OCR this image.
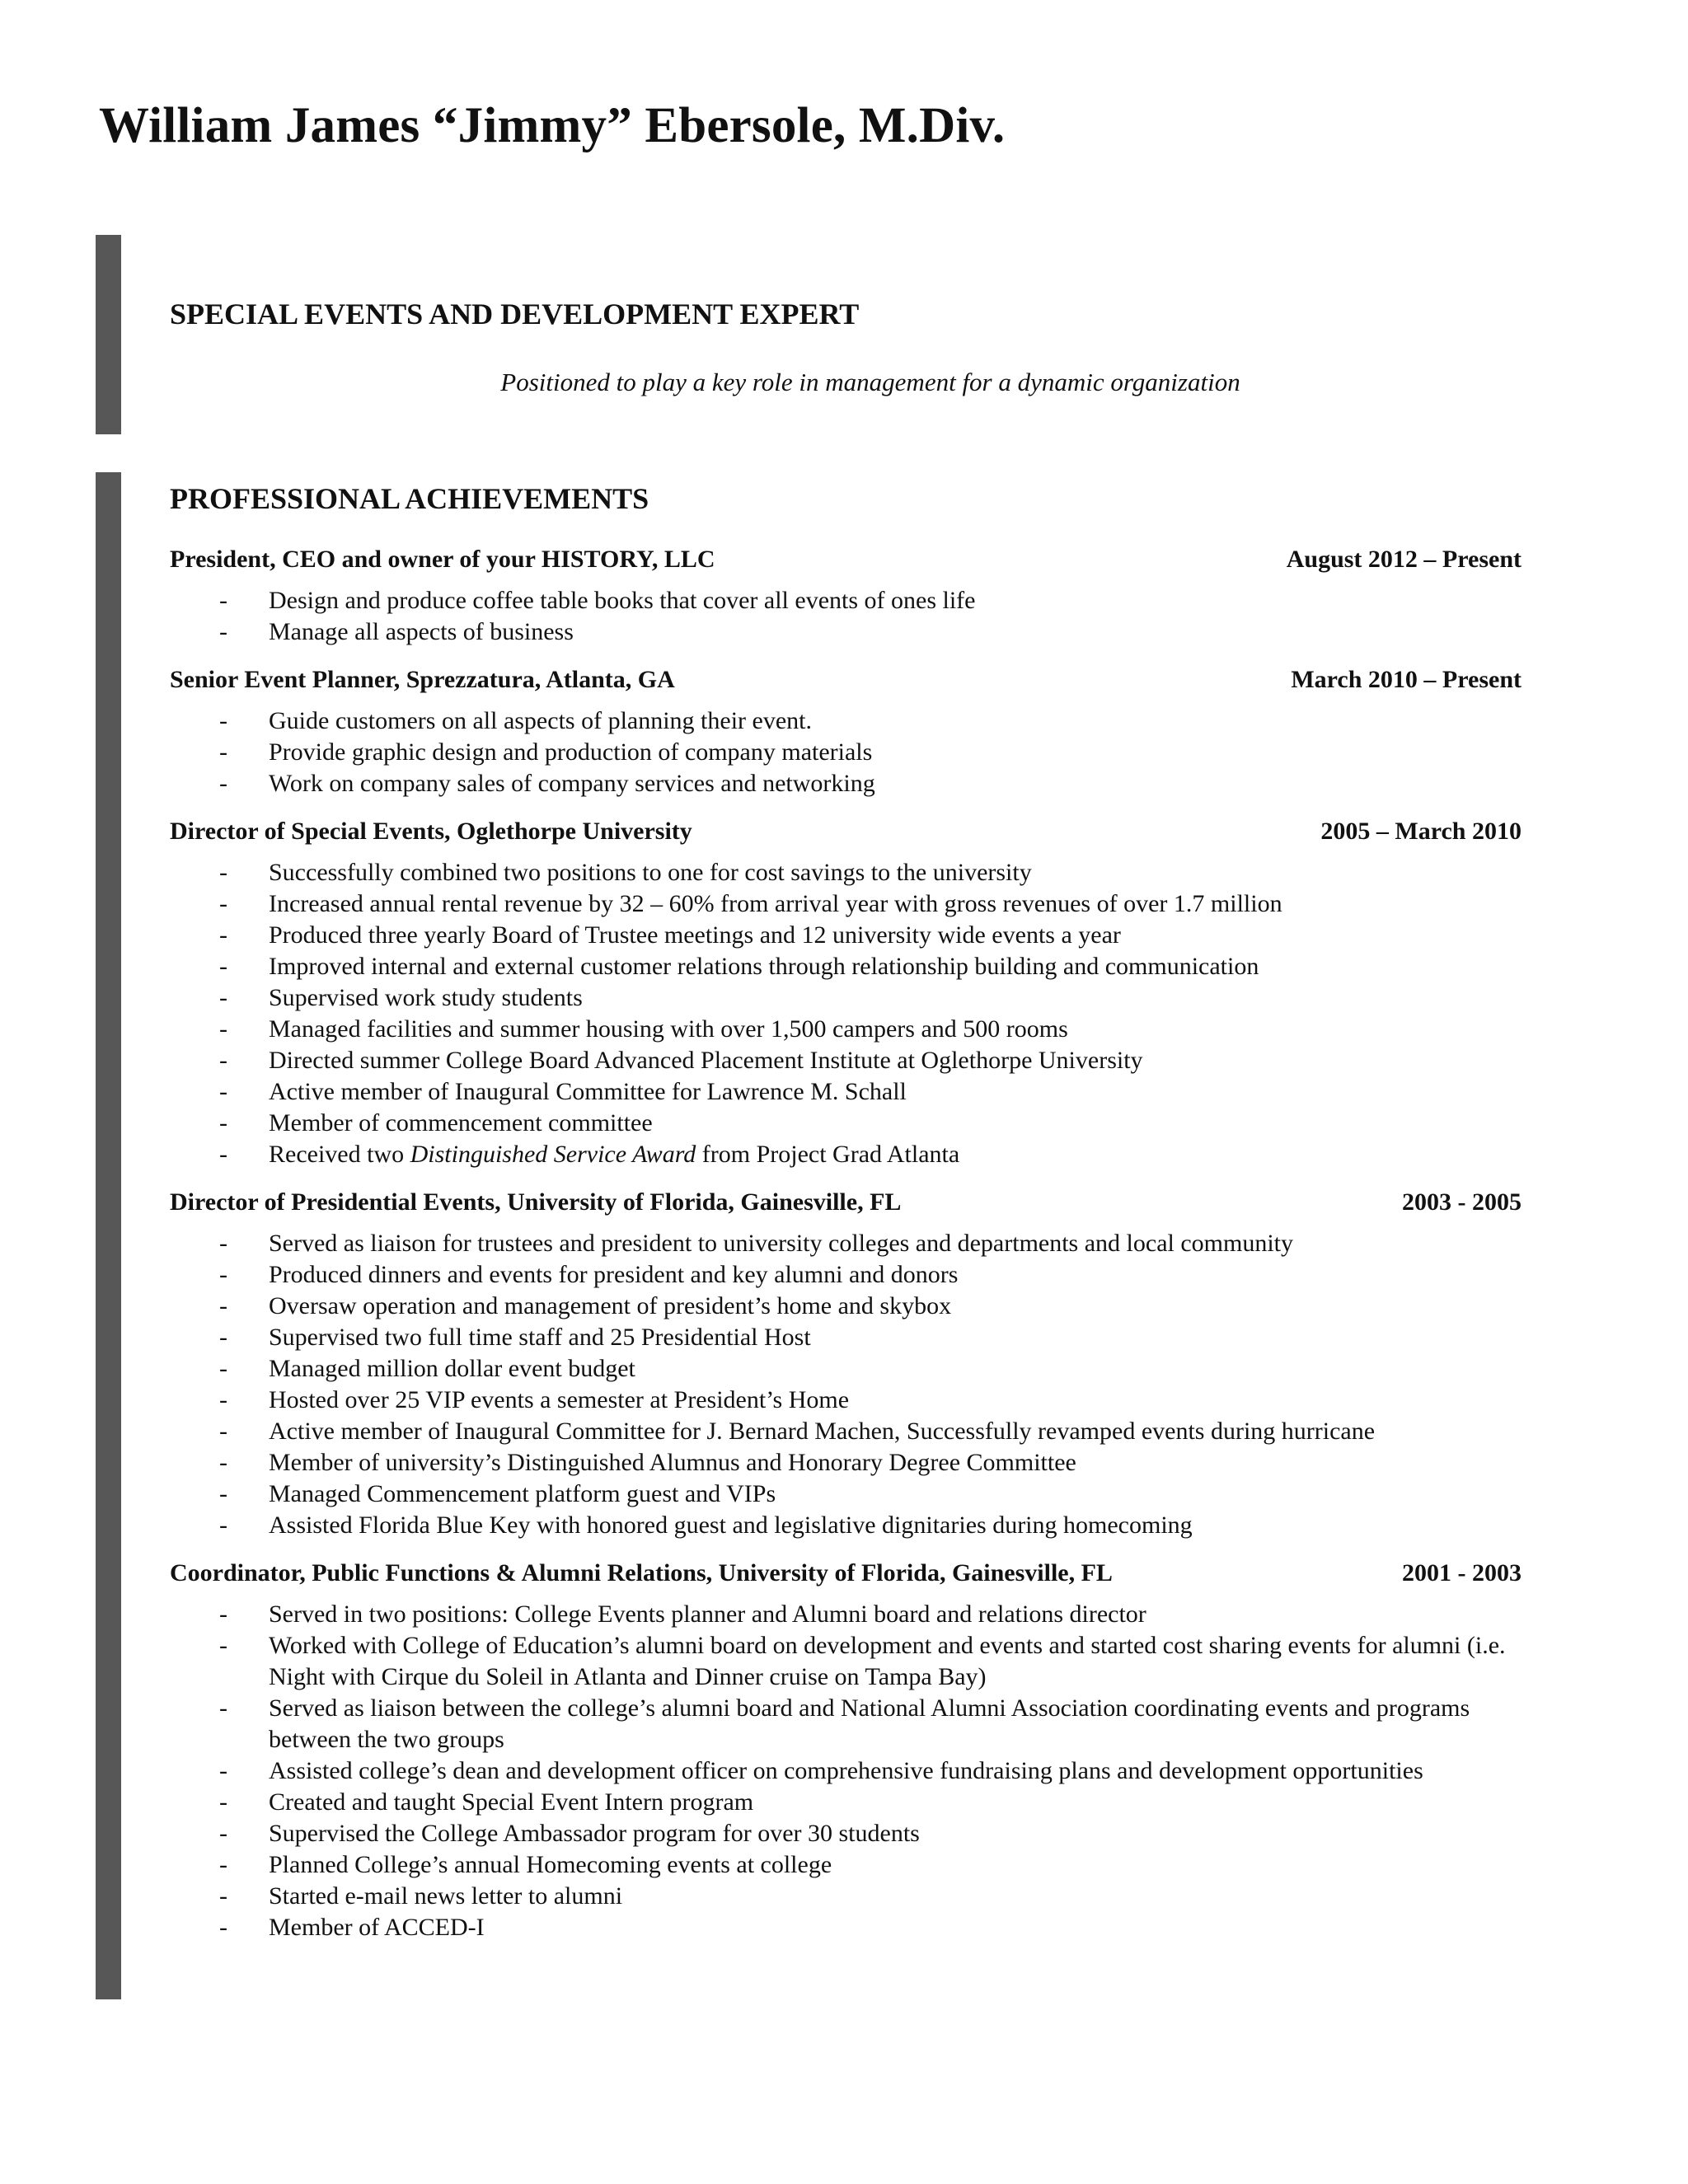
William James “Jimmy” Ebersole, M.Div.
SPECIAL EVENTS AND DEVELOPMENT EXPERT

Positioned to play a key role in management for a dynamic organization

PROFESSIONAL ACHIEVEMENTS
President, CEO and owner of your HISTORY, LLC	August 2012 – Present
- Design and produce coffee table books that cover all events of ones life
- Manage all aspects of business
Senior Event Planner, Sprezzatura, Atlanta, GA	March 2010 – Present
- Guide customers on all aspects of planning their event.
- Provide graphic design and production of company materials
- Work on company sales of company services and networking
Director of Special Events, Oglethorpe University	2005 – March 2010
- Successfully combined two positions to one for cost savings to the university
- Increased annual rental revenue by 32 – 60% from arrival year with gross revenues of over 1.7 million
- Produced three yearly Board of Trustee meetings and 12 university wide events a year
- Improved internal and external customer relations through relationship building and communication
- Supervised work study students
- Managed facilities and summer housing with over 1,500 campers and 500 rooms
- Directed summer College Board Advanced Placement Institute at Oglethorpe University
- Active member of Inaugural Committee for Lawrence M. Schall
- Member of commencement committee
- Received two Distinguished Service Award from Project Grad Atlanta
Director of Presidential Events, University of Florida, Gainesville, FL	2003 - 2005
- Served as liaison for trustees and president to university colleges and departments and local community
- Produced dinners and events for president and key alumni and donors
- Oversaw operation and management of president’s home and skybox
- Supervised two full time staff and 25 Presidential Host
- Managed million dollar event budget
- Hosted over 25 VIP events a semester at President’s Home
- Active member of Inaugural Committee for J. Bernard Machen, Successfully revamped events during hurricane
- Member of university’s Distinguished Alumnus and Honorary Degree Committee
- Managed Commencement platform guest and VIPs
- Assisted Florida Blue Key with honored guest and legislative dignitaries during homecoming
Coordinator, Public Functions & Alumni Relations, University of Florida, Gainesville, FL	2001 - 2003
- Served in two positions: College Events planner and Alumni board and relations director
- Worked with College of Education’s alumni board on development and events and started cost sharing events for alumni (i.e. Night with Cirque du Soleil in Atlanta and Dinner cruise on Tampa Bay)
- Served as liaison between the college’s alumni board and National Alumni Association coordinating events and programs between the two groups
- Assisted college’s dean and development officer on comprehensive fundraising plans and development opportunities
- Created and taught Special Event Intern program
- Supervised the College Ambassador program for over 30 students
- Planned College’s annual Homecoming events at college
- Started e-mail news letter to alumni
- Member of ACCED-I
